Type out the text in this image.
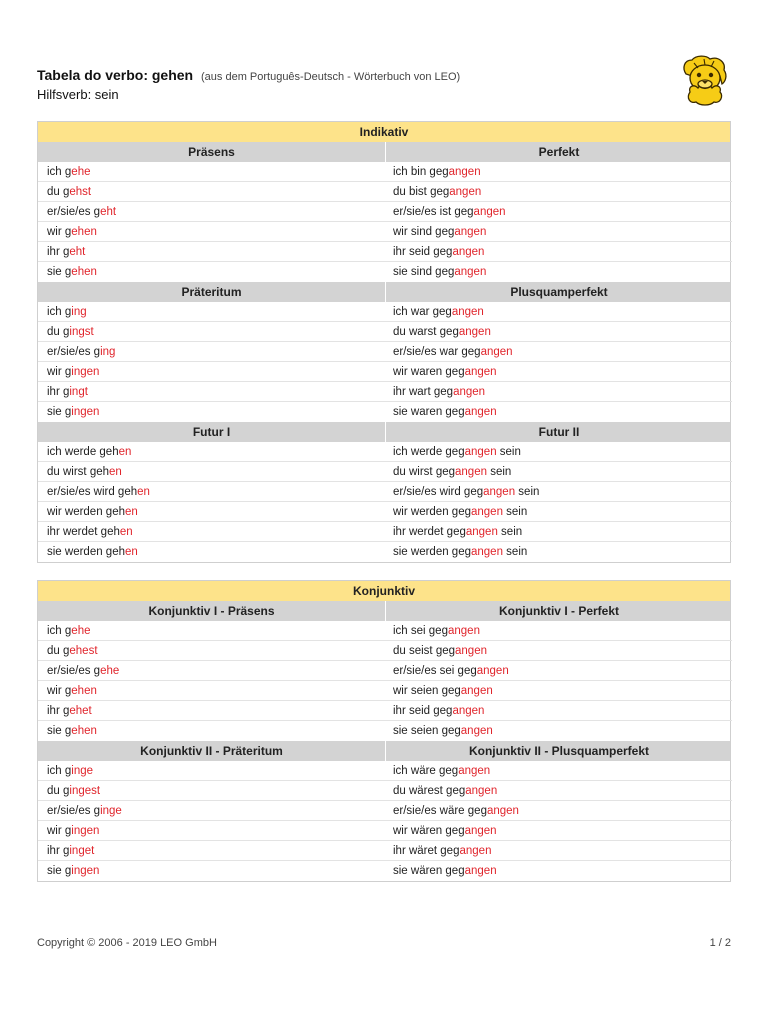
Tabela do verbo: gehen (aus dem Português-Deutsch - Wörterbuch von LEO)
Hilfsverb: sein
Indikativ
Präsens	Perfekt
ich gehe	ich bin gegangen
du gehst	du bist gegangen
er/sie/es geht	er/sie/es ist gegangen
wir gehen	wir sind gegangen
ihr geht	ihr seid gegangen
sie gehen	sie sind gegangen
Präteritum	Plusquamperfekt
ich ging	ich war gegangen
du gingst	du warst gegangen
er/sie/es ging	er/sie/es war gegangen
wir gingen	wir waren gegangen
ihr gingt	ihr wart gegangen
sie gingen	sie waren gegangen
Futur I	Futur II
ich werde gehen	ich werde gegangen sein
du wirst gehen	du wirst gegangen sein
er/sie/es wird gehen	er/sie/es wird gegangen sein
wir werden gehen	wir werden gegangen sein
ihr werdet gehen	ihr werdet gegangen sein
sie werden gehen	sie werden gegangen sein
Konjunktiv
Konjunktiv I - Präsens	Konjunktiv I - Perfekt
ich gehe	ich sei gegangen
du gehest	du seist gegangen
er/sie/es gehe	er/sie/es sei gegangen
wir gehen	wir seien gegangen
ihr gehet	ihr seid gegangen
sie gehen	sie seien gegangen
Konjunktiv II - Präteritum	Konjunktiv II - Plusquamperfekt
ich ginge	ich wäre gegangen
du gingest	du wärest gegangen
er/sie/es ginge	er/sie/es wäre gegangen
wir gingen	wir wären gegangen
ihr ginget	ihr wäret gegangen
sie gingen	sie wären gegangen
Copyright © 2006 - 2019 LEO GmbH	1 / 2
